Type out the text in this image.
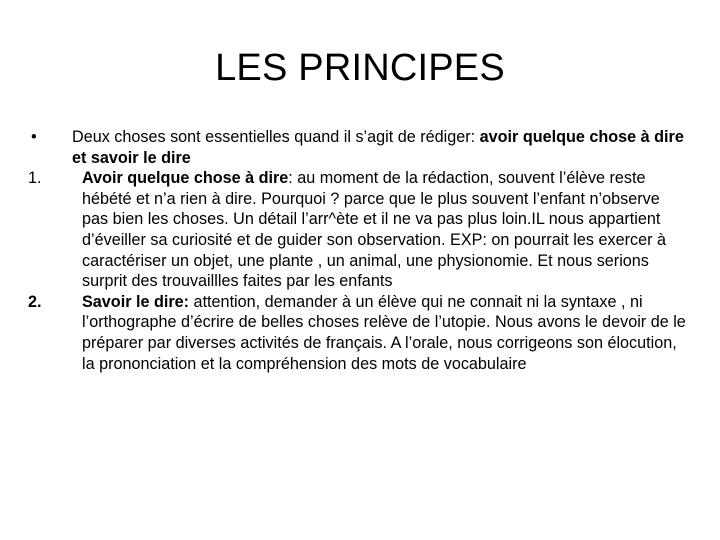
LES PRINCIPES
• Deux choses sont essentielles quand il s’agit de rédiger: avoir quelque chose à dire et savoir le dire
1. Avoir quelque chose à dire: au moment de la rédaction, souvent l’élève reste hébété et n’a rien à dire. Pourquoi ? parce que le plus souvent l’enfant n’observe pas bien les choses. Un détail l’arr^ète et il ne va pas plus loin.IL nous appartient d’éveiller sa curiosité et de guider son observation. EXP: on pourrait les exercer à caractériser un objet, une plante , un animal, une physionomie. Et nous serions surprit des trouvaillles faites par les enfants
2. Savoir le dire: attention, demander à un élève qui ne connait ni la syntaxe , ni l’orthographe d’écrire de belles choses relève de l’utopie. Nous avons le devoir de le préparer par diverses activités de français. A l’orale, nous corrigeons son élocution, la prononciation et la compréhension des mots de vocabulaire
